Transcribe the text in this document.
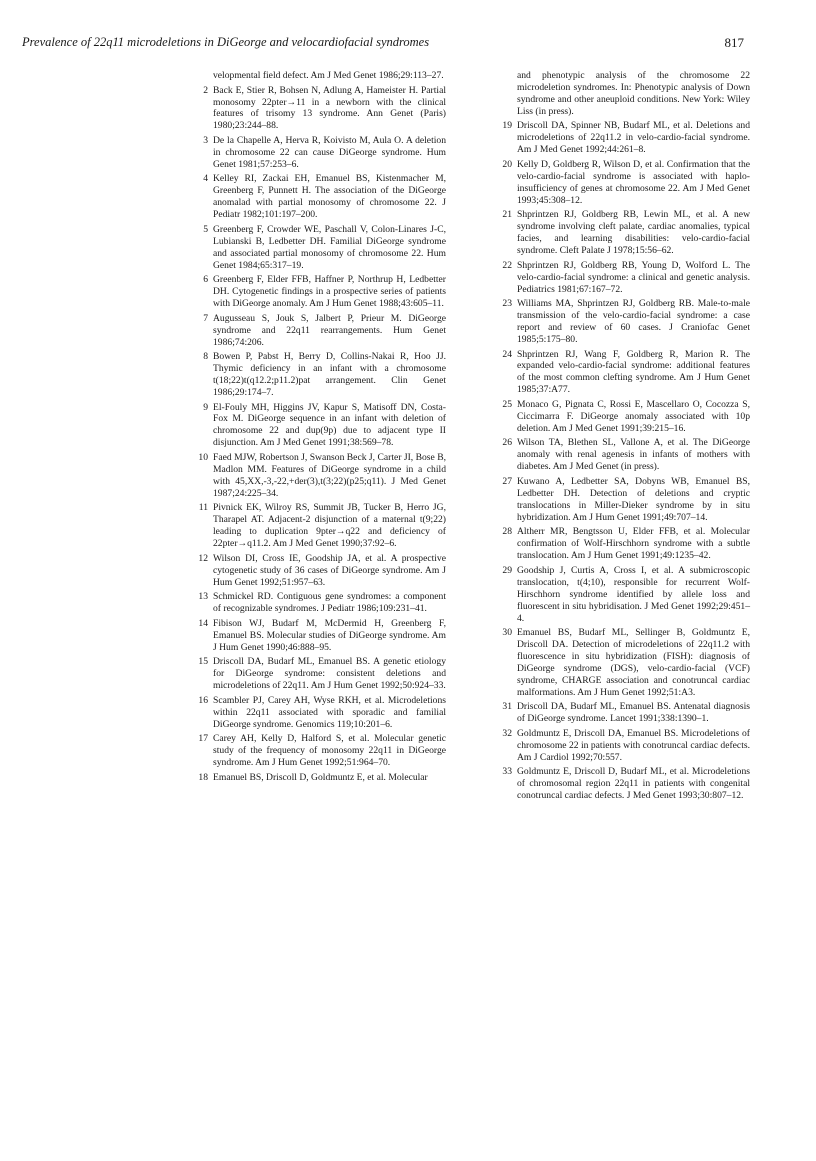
Prevalence of 22q11 microdeletions in DiGeorge and velocardiofacial syndromes	817
velopmental field defect. Am J Med Genet 1986;29:113–27.
2 Back E, Stier R, Bohsen N, Adlung A, Hameister H. Partial monosomy 22pter→11 in a newborn with the clinical features of trisomy 13 syndrome. Ann Genet (Paris) 1980;23:244–88.
3 De la Chapelle A, Herva R, Koivisto M, Aula O. A deletion in chromosome 22 can cause DiGeorge syndrome. Hum Genet 1981;57:253–6.
4 Kelley RI, Zackai EH, Emanuel BS, Kistenmacher M, Greenberg F, Punnett H. The association of the DiGeorge anomalad with partial monosomy of chromosome 22. J Pediatr 1982;101:197–200.
5 Greenberg F, Crowder WE, Paschall V, Colon-Linares J-C, Lubianski B, Ledbetter DH. Familial DiGeorge syndrome and associated partial monosomy of chromosome 22. Hum Genet 1984;65:317–19.
6 Greenberg F, Elder FFB, Haffner P, Northrup H, Ledbetter DH. Cytogenetic findings in a prospective series of patients with DiGeorge anomaly. Am J Hum Genet 1988;43:605–11.
7 Augusseau S, Jouk S, Jalbert P, Prieur M. DiGeorge syndrome and 22q11 rearrangements. Hum Genet 1986;74:206.
8 Bowen P, Pabst H, Berry D, Collins-Nakai R, Hoo JJ. Thymic deficiency in an infant with a chromosome t(18;22)t(q12.2;p11.2)pat arrangement. Clin Genet 1986;29:174–7.
9 El-Fouly MH, Higgins JV, Kapur S, Matisoff DN, Costa-Fox M. DiGeorge sequence in an infant with deletion of chromosome 22 and dup(9p) due to adjacent type II disjunction. Am J Med Genet 1991;38:569–78.
10 Faed MJW, Robertson J, Swanson Beck J, Carter JI, Bose B, Madlon MM. Features of DiGeorge syndrome in a child with 45,XX,-3,-22,+der(3),t(3;22)(p25;q11). J Med Genet 1987;24:225–34.
11 Pivnick EK, Wilroy RS, Summit JB, Tucker B, Herro JG, Tharapel AT. Adjacent-2 disjunction of a maternal t(9;22) leading to duplication 9pter→q22 and deficiency of 22pter→q11.2. Am J Med Genet 1990;37:92–6.
12 Wilson DI, Cross IE, Goodship JA, et al. A prospective cytogenetic study of 36 cases of DiGeorge syndrome. Am J Hum Genet 1992;51:957–63.
13 Schmickel RD. Contiguous gene syndromes: a component of recognizable syndromes. J Pediatr 1986;109:231–41.
14 Fibison WJ, Budarf M, McDermid H, Greenberg F, Emanuel BS. Molecular studies of DiGeorge syndrome. Am J Hum Genet 1990;46:888–95.
15 Driscoll DA, Budarf ML, Emanuel BS. A genetic etiology for DiGeorge syndrome: consistent deletions and microdeletions of 22q11. Am J Hum Genet 1992;50:924–33.
16 Scambler PJ, Carey AH, Wyse RKH, et al. Microdeletions within 22q11 associated with sporadic and familial DiGeorge syndrome. Genomics 119;10:201–6.
17 Carey AH, Kelly D, Halford S, et al. Molecular genetic study of the frequency of monosomy 22q11 in DiGeorge syndrome. Am J Hum Genet 1992;51:964–70.
18 Emanuel BS, Driscoll D, Goldmuntz E, et al. Molecular
and phenotypic analysis of the chromosome 22 microdeletion syndromes. In: Phenotypic analysis of Down syndrome and other aneuploid conditions. New York: Wiley Liss (in press).
19 Driscoll DA, Spinner NB, Budarf ML, et al. Deletions and microdeletions of 22q11.2 in velo-cardio-facial syndrome. Am J Med Genet 1992;44:261–8.
20 Kelly D, Goldberg R, Wilson D, et al. Confirmation that the velo-cardio-facial syndrome is associated with haplo-insufficiency of genes at chromosome 22. Am J Med Genet 1993;45:308–12.
21 Shprintzen RJ, Goldberg RB, Lewin ML, et al. A new syndrome involving cleft palate, cardiac anomalies, typical facies, and learning disabilities: velo-cardio-facial syndrome. Cleft Palate J 1978;15:56–62.
22 Shprintzen RJ, Goldberg RB, Young D, Wolford L. The velo-cardio-facial syndrome: a clinical and genetic analysis. Pediatrics 1981;67:167–72.
23 Williams MA, Shprintzen RJ, Goldberg RB. Male-to-male transmission of the velo-cardio-facial syndrome: a case report and review of 60 cases. J Craniofac Genet 1985;5:175–80.
24 Shprintzen RJ, Wang F, Goldberg R, Marion R. The expanded velo-cardio-facial syndrome: additional features of the most common clefting syndrome. Am J Hum Genet 1985;37:A77.
25 Monaco G, Pignata C, Rossi E, Mascellaro O, Cocozza S, Ciccimarra F. DiGeorge anomaly associated with 10p deletion. Am J Med Genet 1991;39:215–16.
26 Wilson TA, Blethen SL, Vallone A, et al. The DiGeorge anomaly with renal agenesis in infants of mothers with diabetes. Am J Med Genet (in press).
27 Kuwano A, Ledbetter SA, Dobyns WB, Emanuel BS, Ledbetter DH. Detection of deletions and cryptic translocations in Miller-Dieker syndrome by in situ hybridization. Am J Hum Genet 1991;49:707–14.
28 Altherr MR, Bengtsson U, Elder FFB, et al. Molecular confirmation of Wolf-Hirschhorn syndrome with a subtle translocation. Am J Hum Genet 1991;49:1235–42.
29 Goodship J, Curtis A, Cross I, et al. A submicroscopic translocation, t(4;10), responsible for recurrent Wolf-Hirschhorn syndrome identified by allele loss and fluorescent in situ hybridisation. J Med Genet 1992;29:451–4.
30 Emanuel BS, Budarf ML, Sellinger B, Goldmuntz E, Driscoll DA. Detection of microdeletions of 22q11.2 with fluorescence in situ hybridization (FISH): diagnosis of DiGeorge syndrome (DGS), velo-cardio-facial (VCF) syndrome, CHARGE association and conotruncal cardiac malformations. Am J Hum Genet 1992;51:A3.
31 Driscoll DA, Budarf ML, Emanuel BS. Antenatal diagnosis of DiGeorge syndrome. Lancet 1991;338:1390–1.
32 Goldmuntz E, Driscoll DA, Emanuel BS. Microdeletions of chromosome 22 in patients with conotruncal cardiac defects. Am J Cardiol 1992;70:557.
33 Goldmuntz E, Driscoll D, Budarf ML, et al. Microdeletions of chromosomal region 22q11 in patients with congenital conotruncal cardiac defects. J Med Genet 1993;30:807–12.
